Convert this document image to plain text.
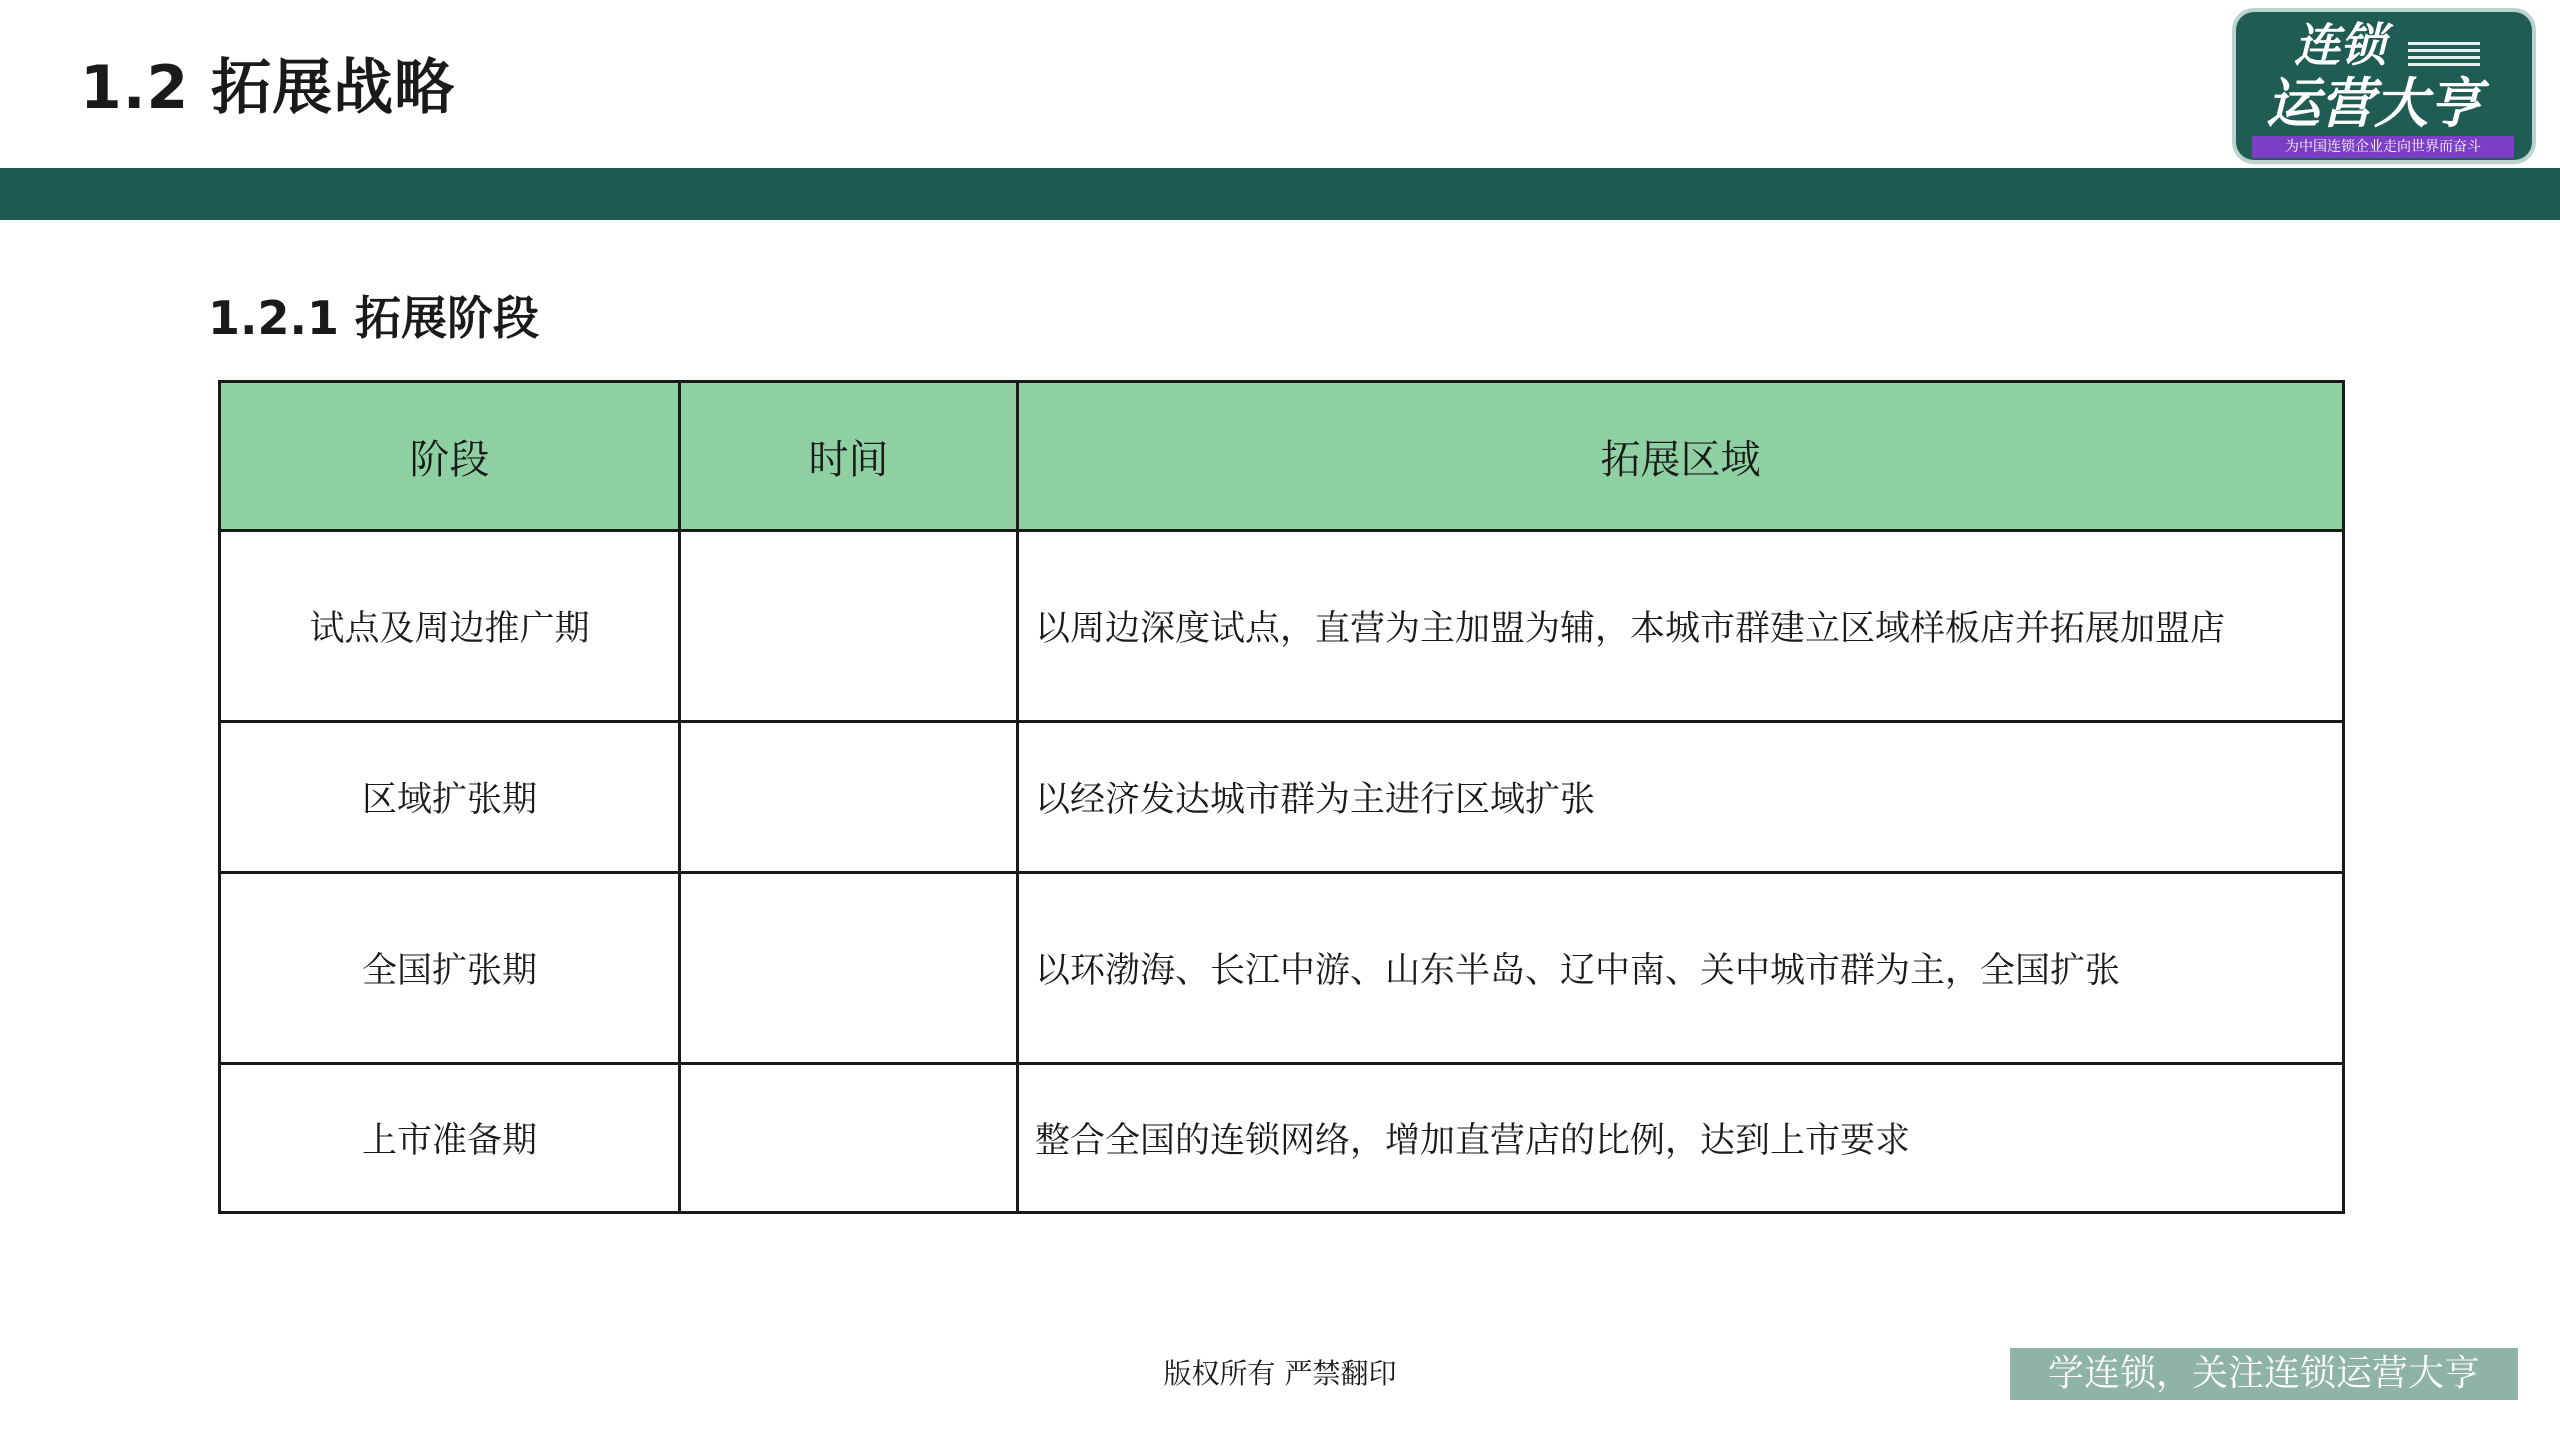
1.2 拓展战略
连锁
运营大亨
为中国连锁企业走向世界而奋斗
1.2.1 拓展阶段
阶段	时间	拓展区域
试点及周边推广期		以周边深度试点，直营为主加盟为辅，本城市群建立区域样板店并拓展加盟店
区域扩张期		以经济发达城市群为主进行区域扩张
全国扩张期		以环渤海、长江中游、山东半岛、辽中南、关中城市群为主，全国扩张
上市准备期		整合全国的连锁网络，增加直营店的比例，达到上市要求
版权所有 严禁翻印	学连锁，关注连锁运营大亨
